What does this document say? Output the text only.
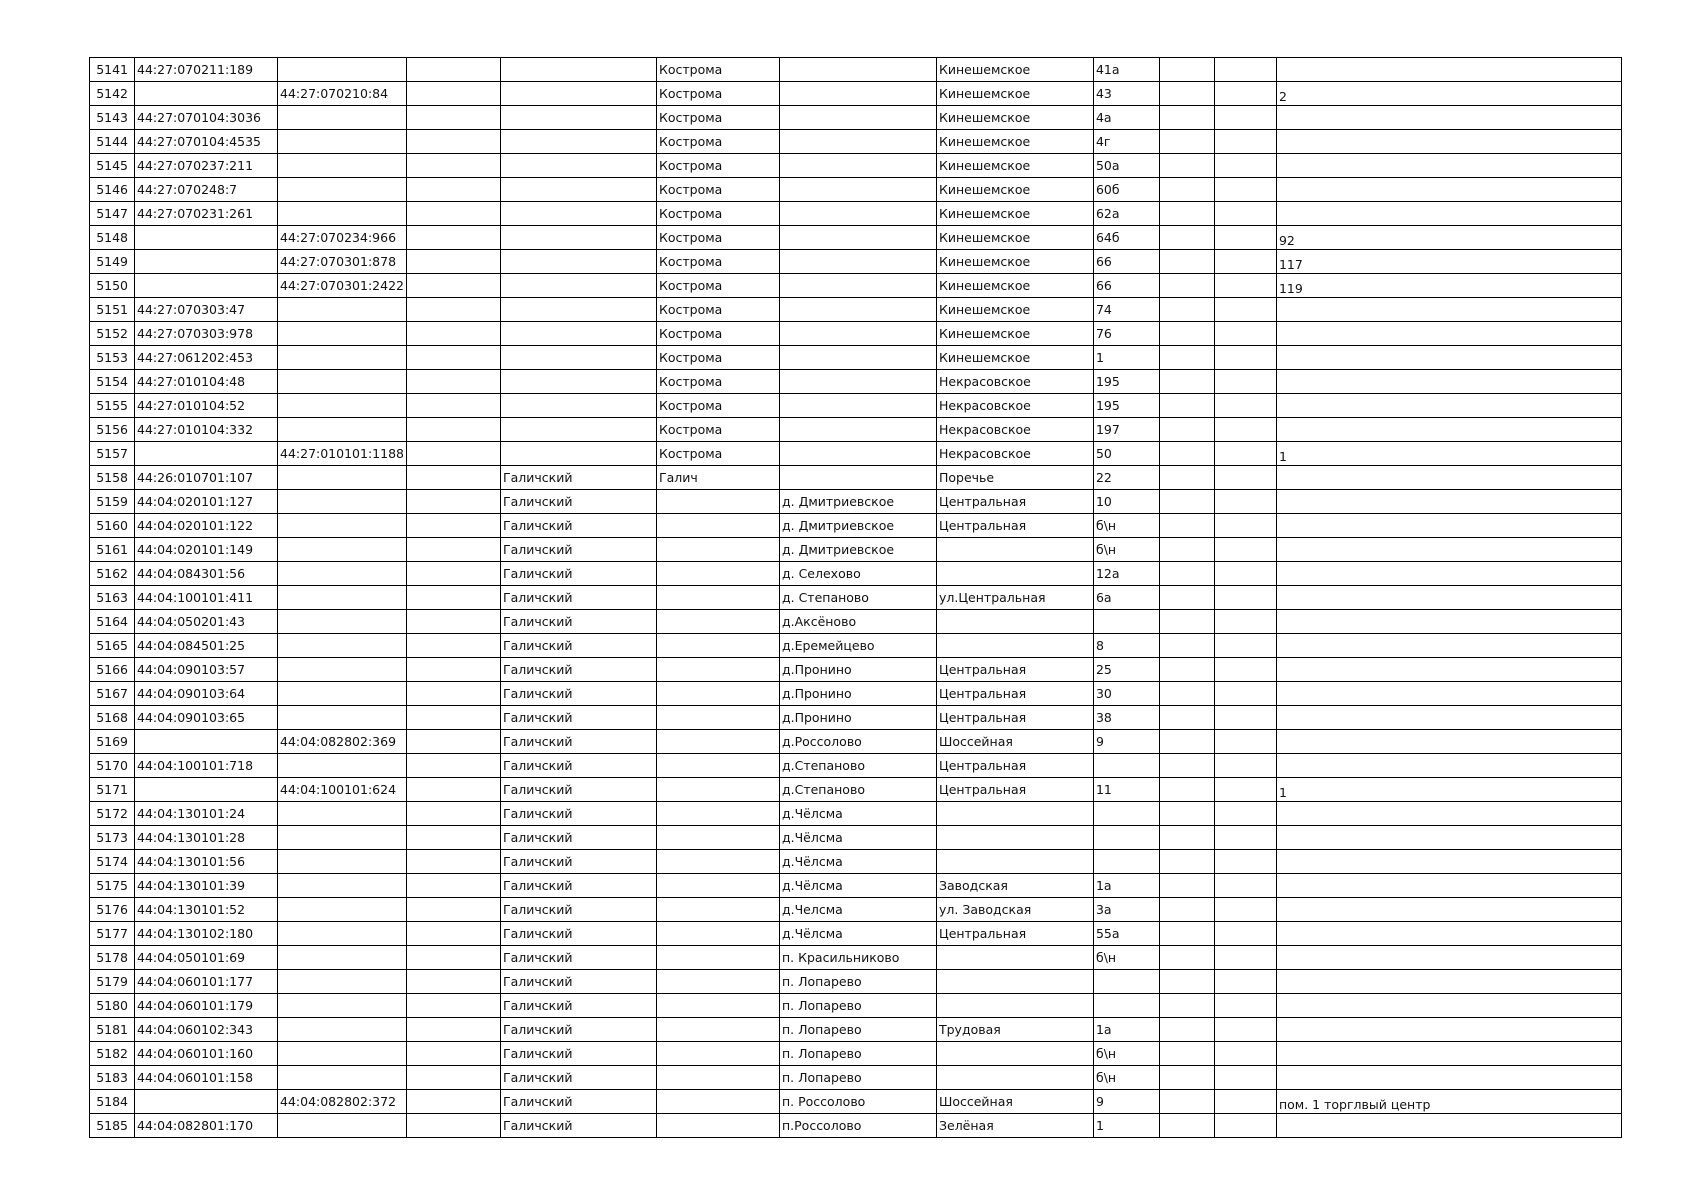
5141	44:27:070211:189				Кострома		Кинешемское	41а			
5142		44:27:070210:84			Кострома		Кинешемское	43			2
5143	44:27:070104:3036				Кострома		Кинешемское	4а			
5144	44:27:070104:4535				Кострома		Кинешемское	4г			
5145	44:27:070237:211				Кострома		Кинешемское	50а			
5146	44:27:070248:7				Кострома		Кинешемское	60б			
5147	44:27:070231:261				Кострома		Кинешемское	62а			
5148		44:27:070234:966			Кострома		Кинешемское	64б			92
5149		44:27:070301:878			Кострома		Кинешемское	66			117
5150		44:27:070301:2422			Кострома		Кинешемское	66			119
5151	44:27:070303:47				Кострома		Кинешемское	74			
5152	44:27:070303:978				Кострома		Кинешемское	76			
5153	44:27:061202:453				Кострома		Кинешемское	1			
5154	44:27:010104:48				Кострома		Некрасовское	195			
5155	44:27:010104:52				Кострома		Некрасовское	195			
5156	44:27:010104:332				Кострома		Некрасовское	197			
5157		44:27:010101:1188			Кострома		Некрасовское	50			1
5158	44:26:010701:107			Галичский	Галич		Поречье	22			
5159	44:04:020101:127			Галичский		д. Дмитриевское	Центральная	10			
5160	44:04:020101:122			Галичский		д. Дмитриевское	Центральная	б\н			
5161	44:04:020101:149			Галичский		д. Дмитриевское		б\н			
5162	44:04:084301:56			Галичский		д. Селехово		12а			
5163	44:04:100101:411			Галичский		д. Степаново	ул.Центральная	6а			
5164	44:04:050201:43			Галичский		д.Аксёново					
5165	44:04:084501:25			Галичский		д.Еремейцево		8			
5166	44:04:090103:57			Галичский		д.Пронино	Центральная	25			
5167	44:04:090103:64			Галичский		д.Пронино	Центральная	30			
5168	44:04:090103:65			Галичский		д.Пронино	Центральная	38			
5169		44:04:082802:369		Галичский		д.Россолово	Шоссейная	9			
5170	44:04:100101:718			Галичский		д.Степаново	Центральная				
5171		44:04:100101:624		Галичский		д.Степаново	Центральная	11			1
5172	44:04:130101:24			Галичский		д.Чёлсма					
5173	44:04:130101:28			Галичский		д.Чёлсма					
5174	44:04:130101:56			Галичский		д.Чёлсма					
5175	44:04:130101:39			Галичский		д.Чёлсма	Заводская	1а			
5176	44:04:130101:52			Галичский		д.Челсма	ул. Заводская	3а			
5177	44:04:130102:180			Галичский		д.Чёлсма	Центральная	55а			
5178	44:04:050101:69			Галичский		п. Красильниково		б\н			
5179	44:04:060101:177			Галичский		п. Лопарево					
5180	44:04:060101:179			Галичский		п. Лопарево					
5181	44:04:060102:343			Галичский		п. Лопарево	Трудовая	1а			
5182	44:04:060101:160			Галичский		п. Лопарево		б\н			
5183	44:04:060101:158			Галичский		п. Лопарево		б\н			
5184		44:04:082802:372		Галичский		п. Россолово	Шоссейная	9			пом. 1 торглвый центр
5185	44:04:082801:170			Галичский		п.Россолово	Зелёная	1			
